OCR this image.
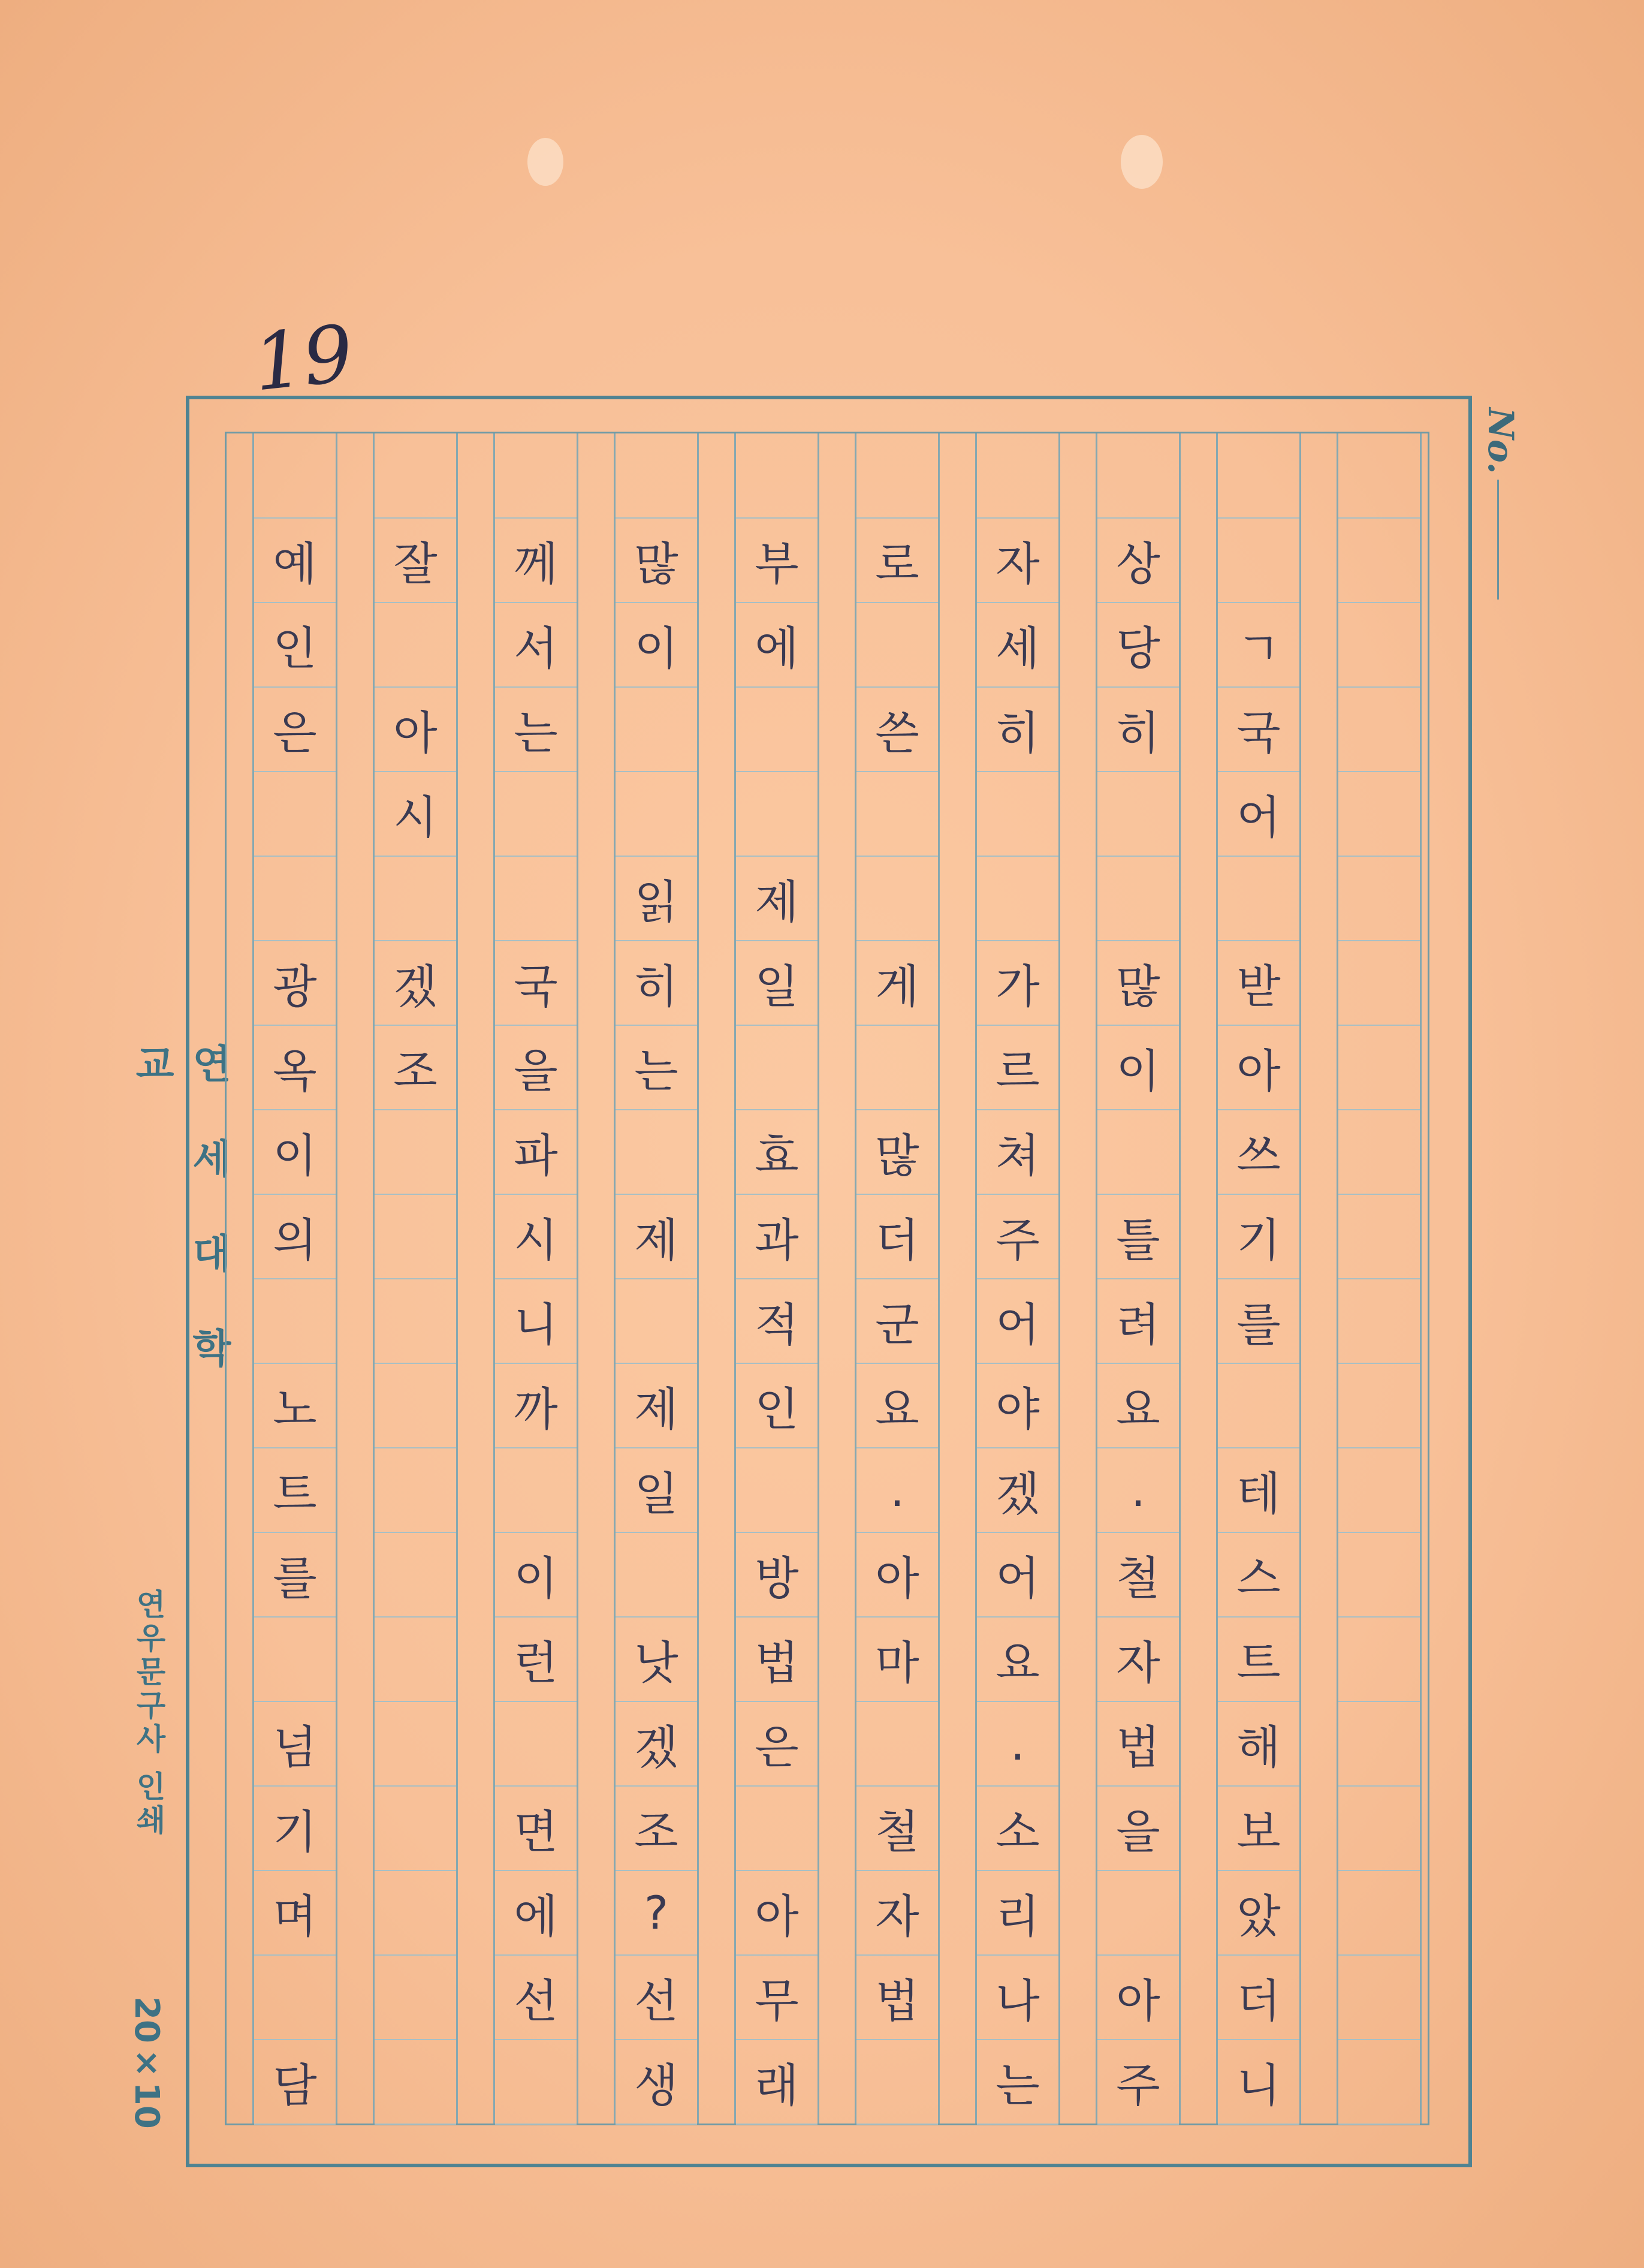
19
No.
연세대학교
연우문구사 인쇄
20×10
ㄱ
국
어
받
아
쓰
기
를
테
스
트
해
보
았
더
니
상
당
히
많
이
틀
려
요
.
철
자
법
을
아
주
자
세
히
가
르
쳐
주
어
야
겠
어
요
.
소
리
나
는
로
쓴
게
많
더
군
요
.
아
마
철
자
법
부
에
제
일
효
과
적
인
방
법
은
아
무
래
많
이
읽
히
는
제
제
일
낫
겠
조
?
선
생
께
서
는
국
을
파
시
니
까
이
런
면
에
선
잘
아
시
겠
조
예
인
은
광
옥
이
의
노
트
를
넘
기
며
담
